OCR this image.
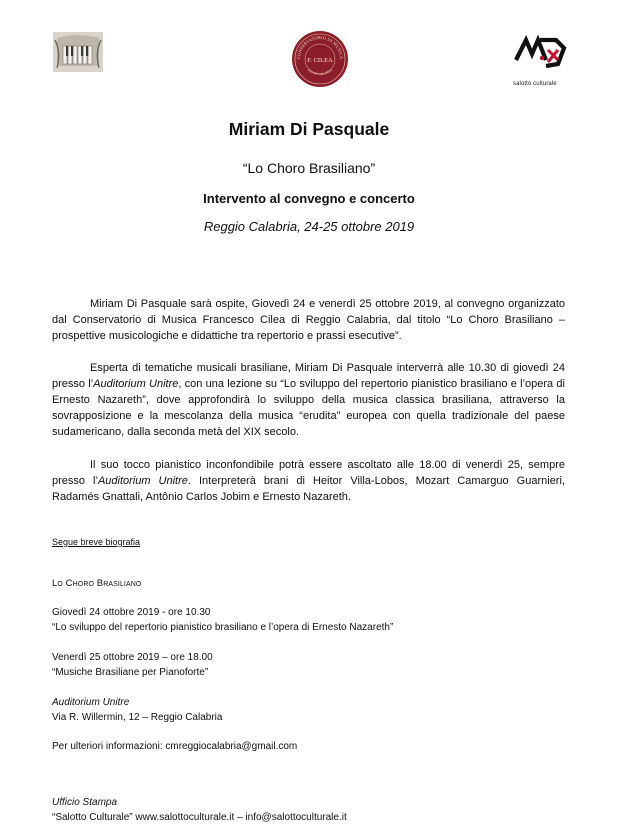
CONSERVATORIO DI MUSICA
F. CILEA
REGGIO CALABRIA
salotto culturale
Miriam Di Pasquale
“Lo Choro Brasiliano”
Intervento al convegno e concerto
Reggio Calabria, 24-25 ottobre 2019

Miriam Di Pasquale sarà ospite, Giovedì 24 e venerdì 25 ottobre 2019, al convegno organizzato dal Conservatorio di Musica Francesco Cilea di Reggio Calabria, dal titolo “Lo Choro Brasiliano – prospettive musicologiche e didattiche tra repertorio e prassi esecutive”.

Esperta di tematiche musicali brasiliane, Miriam Di Pasquale interverrà alle 10.30 di giovedì 24 presso l’Auditorium Unitre, con una lezione su “Lo sviluppo del repertorio pianistico brasiliano e l’opera di Ernesto Nazareth”, dove approfondirà lo sviluppo della musica classica brasiliana, attraverso la sovrapposizione e la mescolanza della musica “erudita” europea con quella tradizionale del paese sudamericano, dalla seconda metà del XIX secolo.

Il suo tocco pianistico inconfondibile potrà essere ascoltato alle 18.00 di venerdì 25, sempre presso l’Auditorium Unitre. Interpreterà brani di Heitor Villa-Lobos, Mozart Camarguo Guarnieri, Radamés Gnattali, Antônio Carlos Jobim e Ernesto Nazareth.

Segue breve biografia
Lo Choro Brasiliano
Giovedì 24 ottobre 2019 - ore 10.30
“Lo sviluppo del repertorio pianistico brasiliano e l’opera di Ernesto Nazareth”
Venerdì 25 ottobre 2019 – ore 18.00
“Musiche Brasiliane per Pianoforte”
Auditorium Unitre
Via R. Willermin, 12 – Reggio Calabria
Per ulteriori informazioni: cmreggiocalabria@gmail.com
Ufficio Stampa
“Salotto Culturale” www.salottoculturale.it – info@salottoculturale.it
